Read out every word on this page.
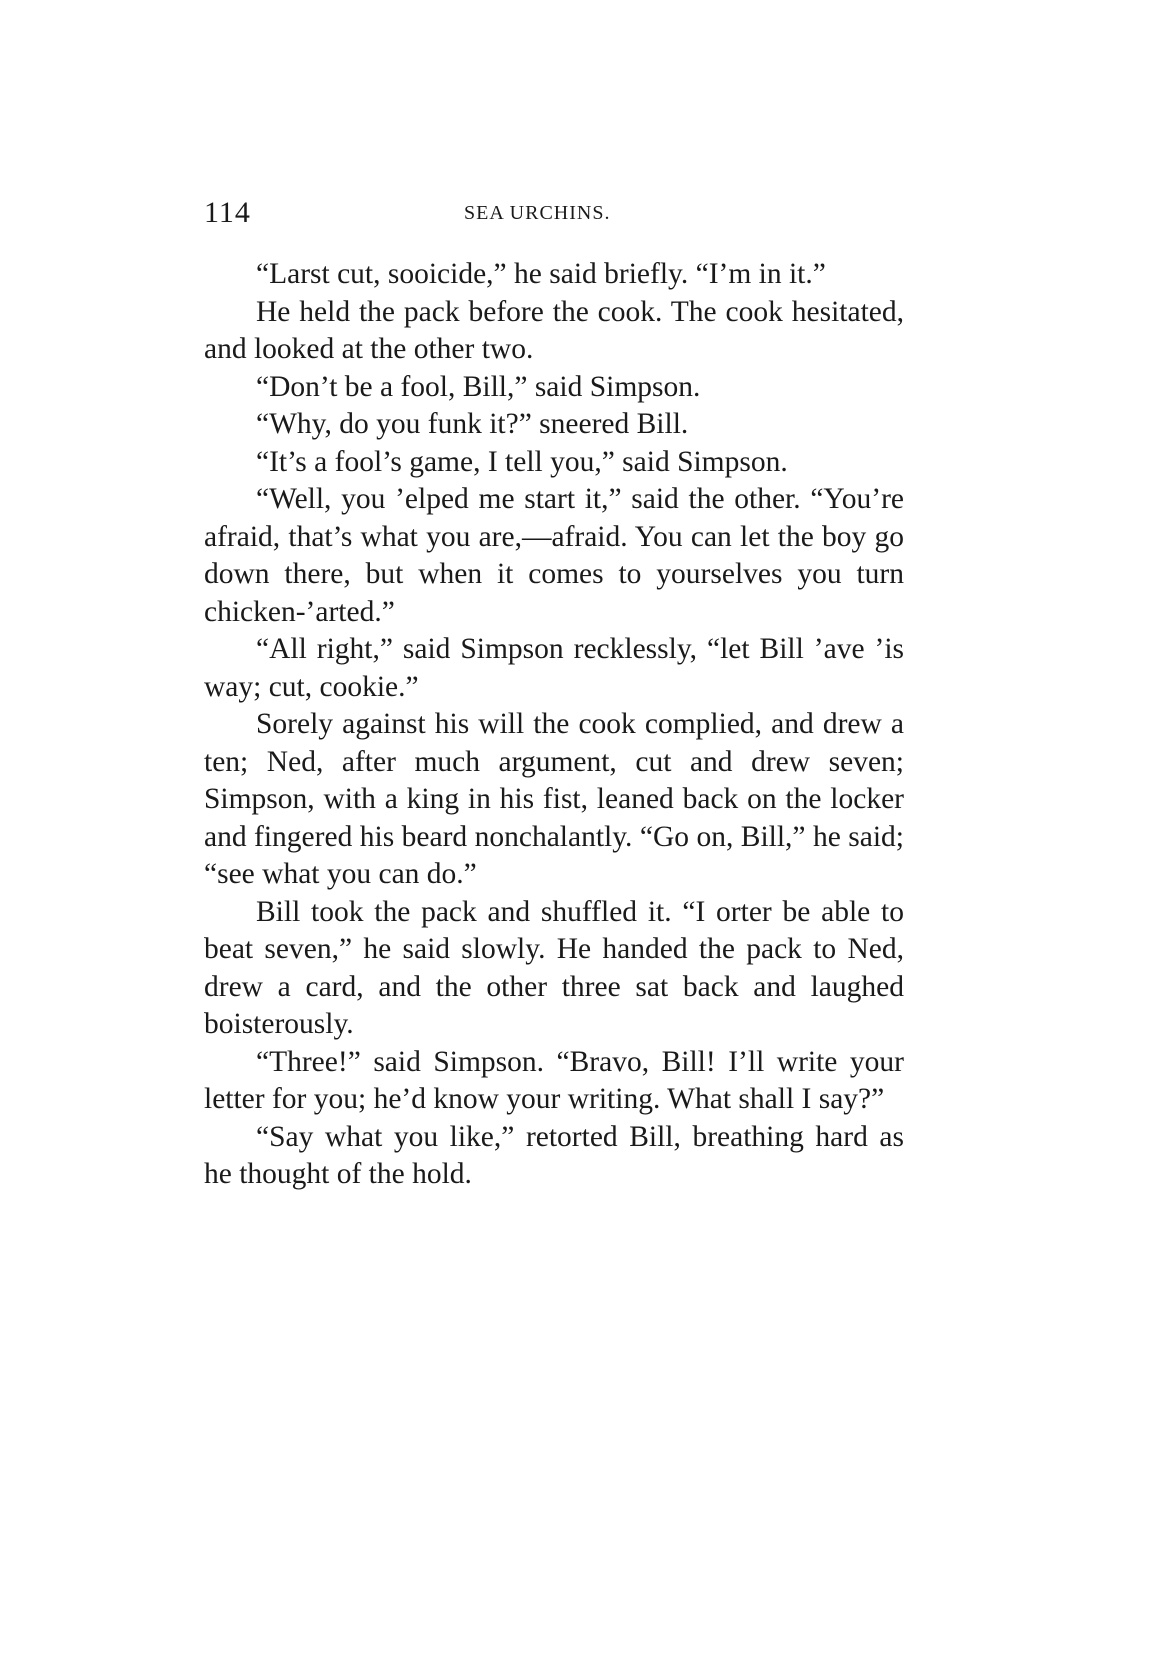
114	SEA URCHINS.

“Larst cut, sooicide,” he said briefly. “I’m in it.”

He held the pack before the cook. The cook hesitated, and looked at the other two.

“Don’t be a fool, Bill,” said Simpson.

“Why, do you funk it?” sneered Bill.

“It’s a fool’s game, I tell you,” said Simpson.

“Well, you ’elped me start it,” said the other. “You’re afraid, that’s what you are,—afraid. You can let the boy go down there, but when it comes to yourselves you turn chicken-’arted.”

“All right,” said Simpson recklessly, “let Bill ’ave ’is way; cut, cookie.”

Sorely against his will the cook complied, and drew a ten; Ned, after much argument, cut and drew seven; Simpson, with a king in his fist, leaned back on the locker and fingered his beard nonchalantly. “Go on, Bill,” he said; “see what you can do.”

Bill took the pack and shuffled it. “I orter be able to beat seven,” he said slowly. He handed the pack to Ned, drew a card, and the other three sat back and laughed boisterously.

“Three!” said Simpson. “Bravo, Bill! I’ll write your letter for you; he’d know your writing. What shall I say?”

“Say what you like,” retorted Bill, breathing hard as he thought of the hold.
